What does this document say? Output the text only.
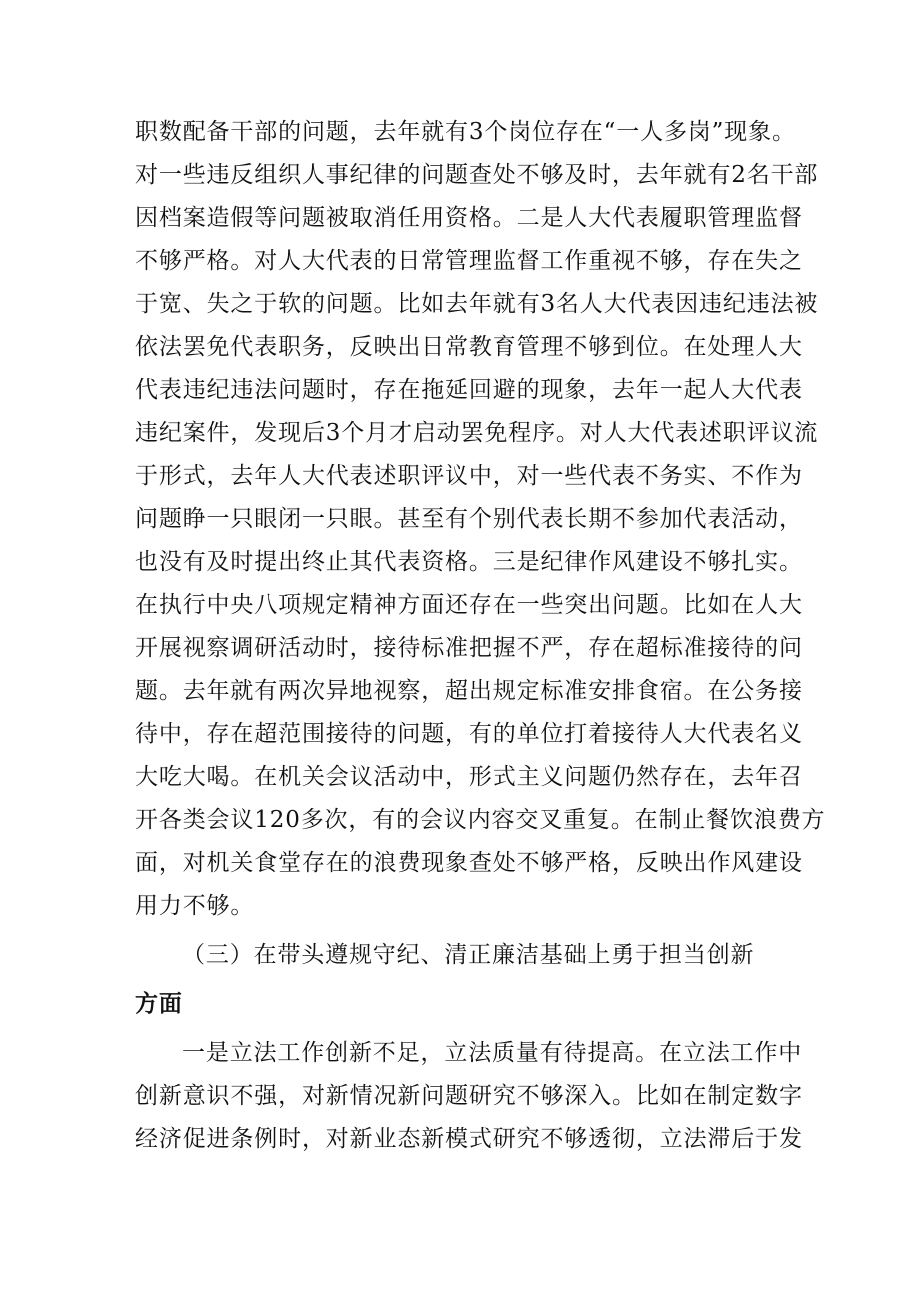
职数配备干部的问题，去年就有3个岗位存在“一人多岗”现象。
对一些违反组织人事纪律的问题查处不够及时，去年就有2名干部
因档案造假等问题被取消任用资格。二是人大代表履职管理监督
不够严格。对人大代表的日常管理监督工作重视不够，存在失之
于宽、失之于软的问题。比如去年就有3名人大代表因违纪违法被
依法罢免代表职务，反映出日常教育管理不够到位。在处理人大
代表违纪违法问题时，存在拖延回避的现象，去年一起人大代表
违纪案件，发现后3个月才启动罢免程序。对人大代表述职评议流
于形式，去年人大代表述职评议中，对一些代表不务实、不作为
问题睁一只眼闭一只眼。甚至有个别代表长期不参加代表活动，
也没有及时提出终止其代表资格。三是纪律作风建设不够扎实。
在执行中央八项规定精神方面还存在一些突出问题。比如在人大
开展视察调研活动时，接待标准把握不严，存在超标准接待的问
题。去年就有两次异地视察，超出规定标准安排食宿。在公务接
待中，存在超范围接待的问题，有的单位打着接待人大代表名义
大吃大喝。在机关会议活动中，形式主义问题仍然存在，去年召
开各类会议120多次，有的会议内容交叉重复。在制止餐饮浪费方
面，对机关食堂存在的浪费现象查处不够严格，反映出作风建设
用力不够。
（三）在带头遵规守纪、清正廉洁基础上勇于担当创新
方面
一是立法工作创新不足，立法质量有待提高。在立法工作中
创新意识不强，对新情况新问题研究不够深入。比如在制定数字
经济促进条例时，对新业态新模式研究不够透彻，立法滞后于发
